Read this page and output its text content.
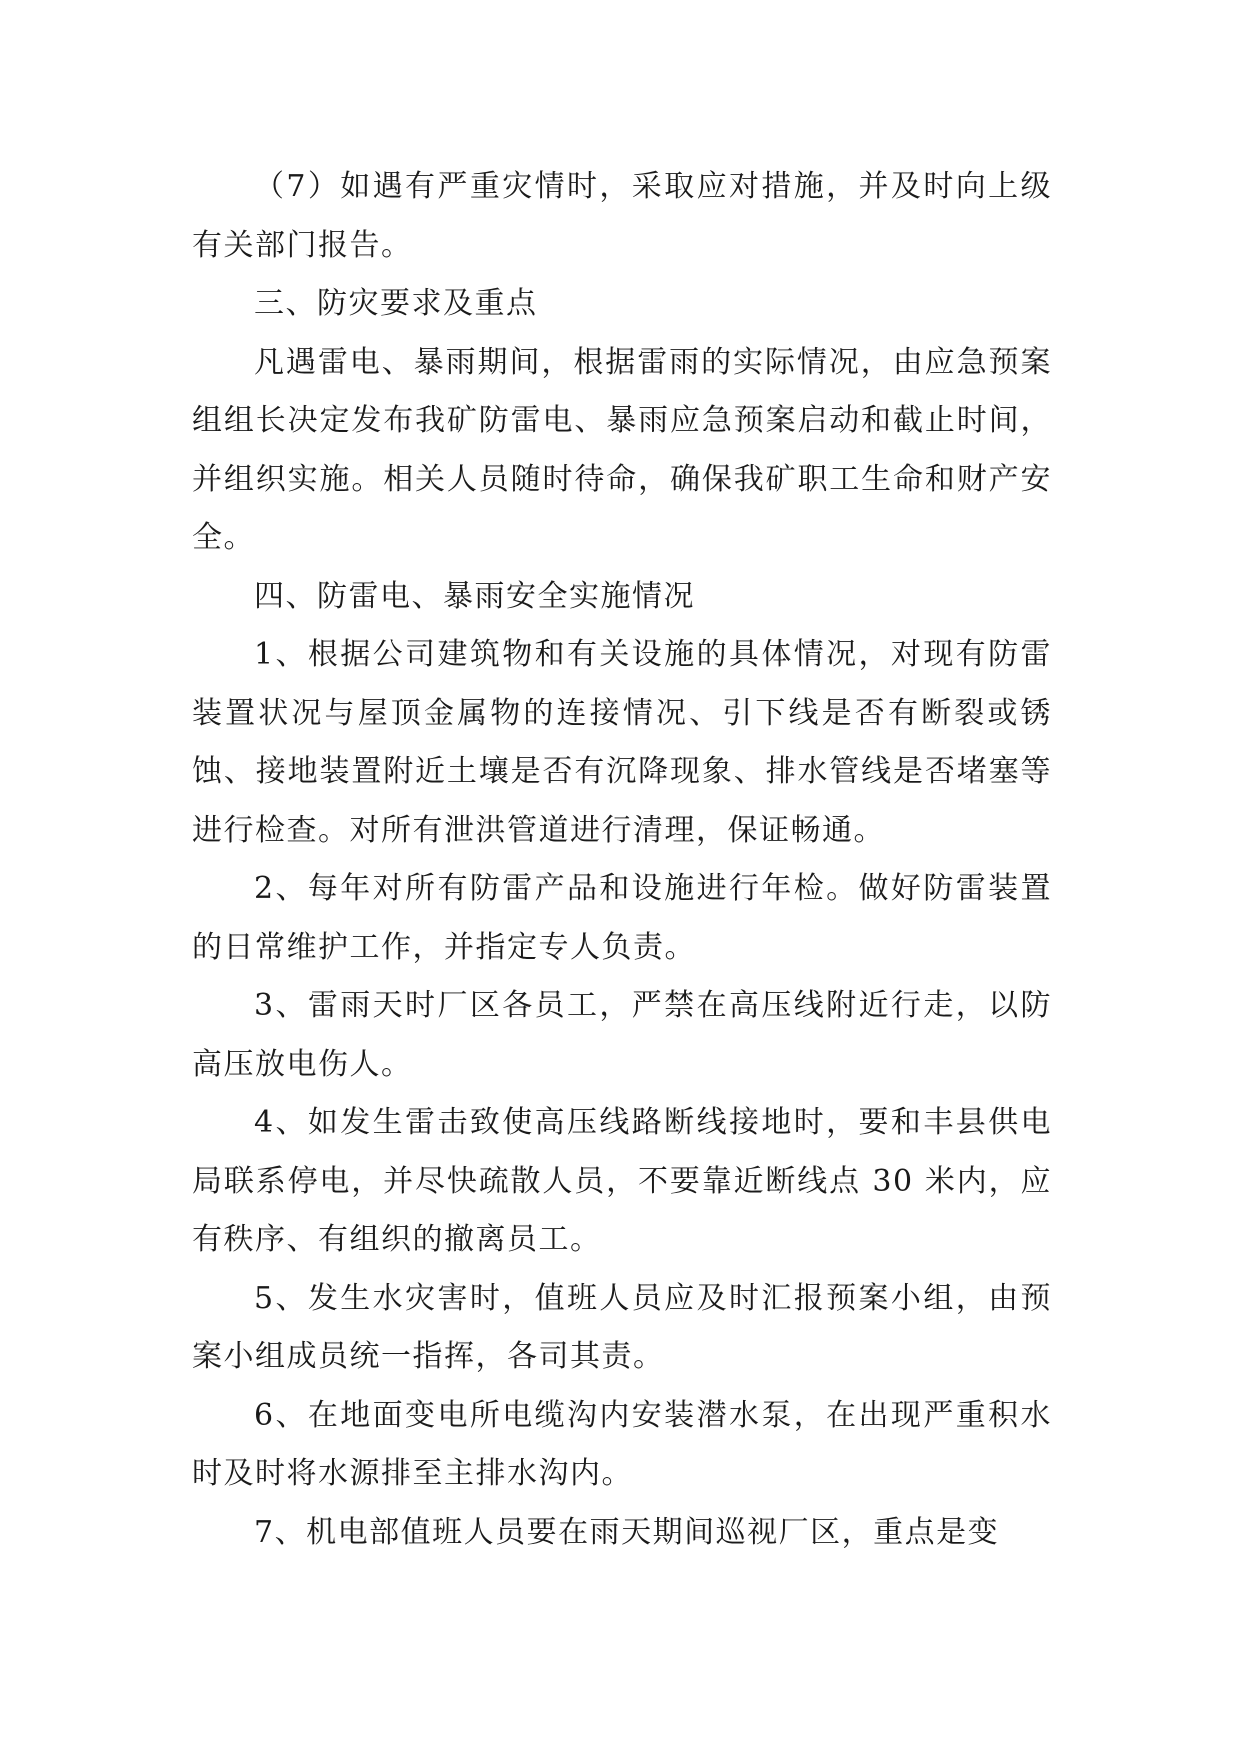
（7）如遇有严重灾情时，采取应对措施，并及时向上级有关部门报告。

三、防灾要求及重点

凡遇雷电、暴雨期间，根据雷雨的实际情况，由应急预案组组长决定发布我矿防雷电、暴雨应急预案启动和截止时间，并组织实施。相关人员随时待命，确保我矿职工生命和财产安全。

四、防雷电、暴雨安全实施情况

1、根据公司建筑物和有关设施的具体情况，对现有防雷装置状况与屋顶金属物的连接情况、引下线是否有断裂或锈蚀、接地装置附近土壤是否有沉降现象、排水管线是否堵塞等进行检查。对所有泄洪管道进行清理，保证畅通。

2、每年对所有防雷产品和设施进行年检。做好防雷装置的日常维护工作，并指定专人负责。

3、雷雨天时厂区各员工，严禁在高压线附近行走，以防高压放电伤人。

4、如发生雷击致使高压线路断线接地时，要和丰县供电局联系停电，并尽快疏散人员，不要靠近断线点 30 米内，应有秩序、有组织的撤离员工。

5、发生水灾害时，值班人员应及时汇报预案小组，由预案小组成员统一指挥，各司其责。

6、在地面变电所电缆沟内安装潜水泵，在出现严重积水时及时将水源排至主排水沟内。

7、机电部值班人员要在雨天期间巡视厂区，重点是变
